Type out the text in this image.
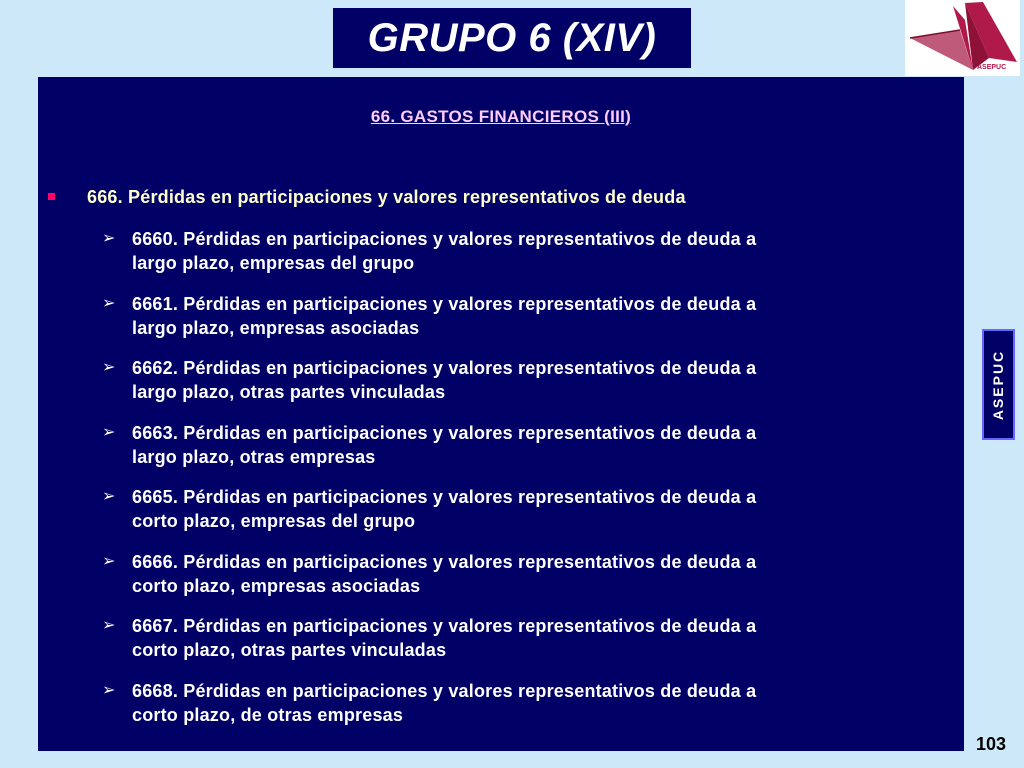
GRUPO 6 (XIV)
ASEPUC
66. GASTOS FINANCIEROS (III)
666. Pérdidas en participaciones y valores representativos de deuda
➢ 6660. Pérdidas en participaciones y valores representativos de deuda a
largo plazo, empresas del grupo
➢ 6661. Pérdidas en participaciones y valores representativos de deuda a
largo plazo, empresas asociadas
➢ 6662. Pérdidas en participaciones y valores representativos de deuda a
largo plazo, otras partes vinculadas
➢ 6663. Pérdidas en participaciones y valores representativos de deuda a
largo plazo, otras empresas
➢ 6665. Pérdidas en participaciones y valores representativos de deuda a
corto plazo, empresas del grupo
➢ 6666. Pérdidas en participaciones y valores representativos de deuda a
corto plazo, empresas asociadas
➢ 6667. Pérdidas en participaciones y valores representativos de deuda a
corto plazo, otras partes vinculadas
➢ 6668. Pérdidas en participaciones y valores representativos de deuda a
corto plazo, de otras empresas
ASEPUC
103
